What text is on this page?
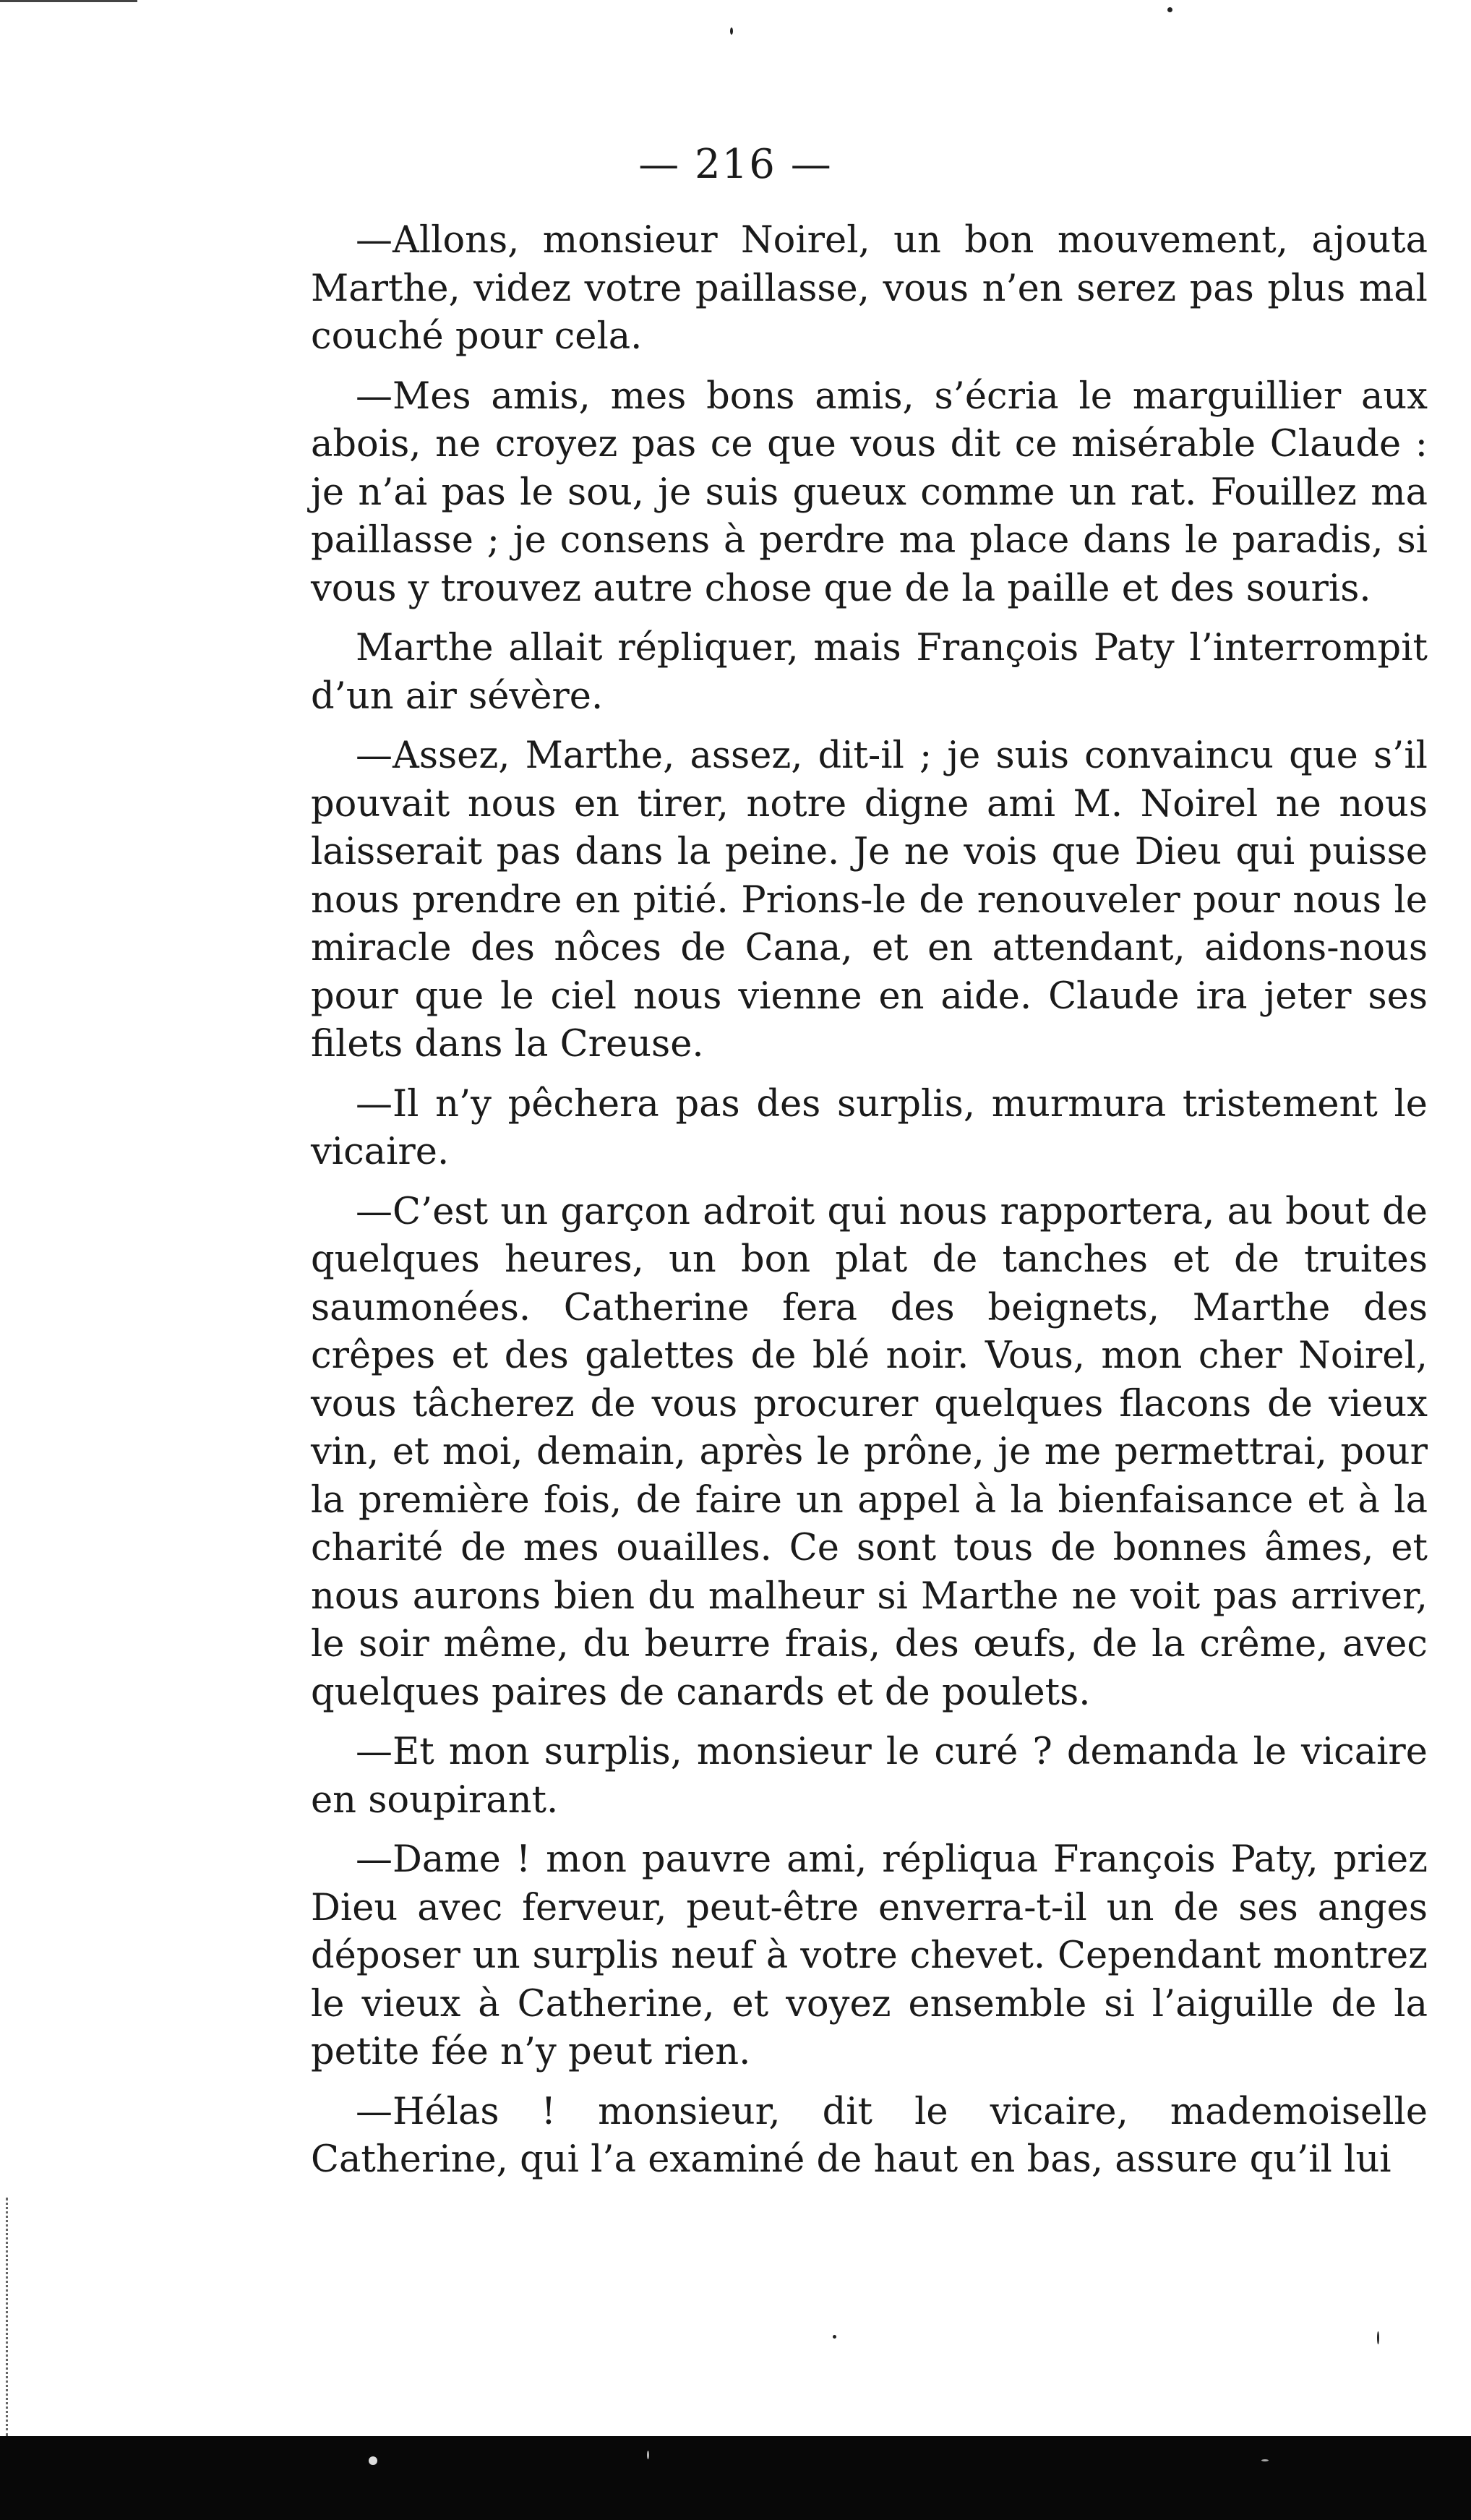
— 216 —

—Allons, monsieur Noirel, un bon mouvement, ajouta Marthe, videz votre paillasse, vous n’en serez pas plus mal couché pour cela.

—Mes amis, mes bons amis, s’écria le marguillier aux abois, ne croyez pas ce que vous dit ce misérable Claude : je n’ai pas le sou, je suis gueux comme un rat. Fouillez ma paillasse ; je consens à perdre ma place dans le paradis, si vous y trouvez autre chose que de la paille et des souris.

Marthe allait répliquer, mais François Paty l’interrompit d’un air sévère.

—Assez, Marthe, assez, dit-il ; je suis convaincu que s’il pouvait nous en tirer, notre digne ami M. Noirel ne nous laisserait pas dans la peine. Je ne vois que Dieu qui puisse nous prendre en pitié. Prions-le de renouveler pour nous le miracle des nôces de Cana, et en attendant, aidons-nous pour que le ciel nous vienne en aide. Claude ira jeter ses filets dans la Creuse.

—Il n’y pêchera pas des surplis, murmura tristement le vicaire.

—C’est un garçon adroit qui nous rapportera, au bout de quelques heures, un bon plat de tanches et de truites saumonées. Catherine fera des beignets, Marthe des crêpes et des galettes de blé noir. Vous, mon cher Noirel, vous tâcherez de vous procurer quelques flacons de vieux vin, et moi, demain, après le prône, je me permettrai, pour la première fois, de faire un appel à la bienfaisance et à la charité de mes ouailles. Ce sont tous de bonnes âmes, et nous aurons bien du malheur si Marthe ne voit pas arriver, le soir même, du beurre frais, des œufs, de la crême, avec quelques paires de canards et de poulets.

—Et mon surplis, monsieur le curé ? demanda le vicaire en soupirant.

—Dame ! mon pauvre ami, répliqua François Paty, priez Dieu avec ferveur, peut-être enverra-t-il un de ses anges déposer un surplis neuf à votre chevet. Cependant montrez le vieux à Catherine, et voyez ensemble si l’aiguille de la petite fée n’y peut rien.

—Hélas ! monsieur, dit le vicaire, mademoiselle Catherine, qui l’a examiné de haut en bas, assure qu’il lui
